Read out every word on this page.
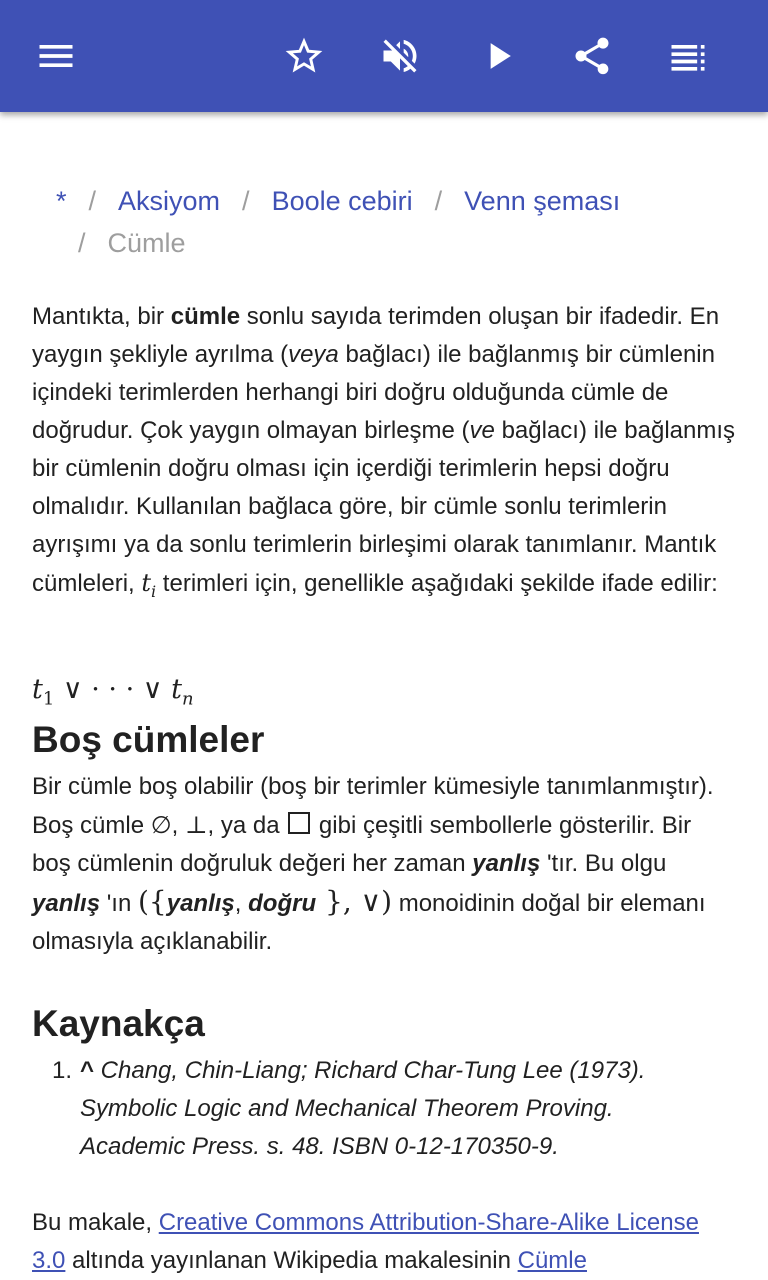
* / Aksiyom / Boole cebiri / Venn şeması
/ Cümle

Mantıkta, bir cümle sonlu sayıda terimden oluşan bir ifadedir. En yaygın şekliyle ayrılma (veya bağlacı) ile bağlanmış bir cümlenin içindeki terimlerden herhangi biri doğru olduğunda cümle de doğrudur. Çok yaygın olmayan birleşme (ve bağlacı) ile bağlanmış bir cümlenin doğru olması için içerdiği terimlerin hepsi doğru olmalıdır. Kullanılan bağlaca göre, bir cümle sonlu terimlerin ayrışımı ya da sonlu terimlerin birleşimi olarak tanımlanır. Mantık cümleleri, $t_i$ terimleri için, genellikle aşağıdaki şekilde ifade edilir:

$t_1$ ∨ · · · ∨ $t_n$
Boş cümleler

Bir cümle boş olabilir (boş bir terimler kümesiyle tanımlanmıştır). Boş cümle ∅, ⊥, ya da  gibi çeşitli sembollerle gösterilir. Bir boş cümlenin doğruluk değeri her zaman yanlış 'tır. Bu olgu yanlış 'ın ({yanlış, doğru }, ∨) monoidinin doğal bir elemanı olmasıyla açıklanabilir.

Kaynakça
1. ^ Chang, Chin-Liang; Richard Char-Tung Lee (1973). Symbolic Logic and Mechanical Theorem Proving. Academic Press. s. 48. ISBN 0-12-170350-9.

Bu makale, Creative Commons Attribution-Share-Alike License 3.0 altında yayınlanan Wikipedia makalesinin Cümle
